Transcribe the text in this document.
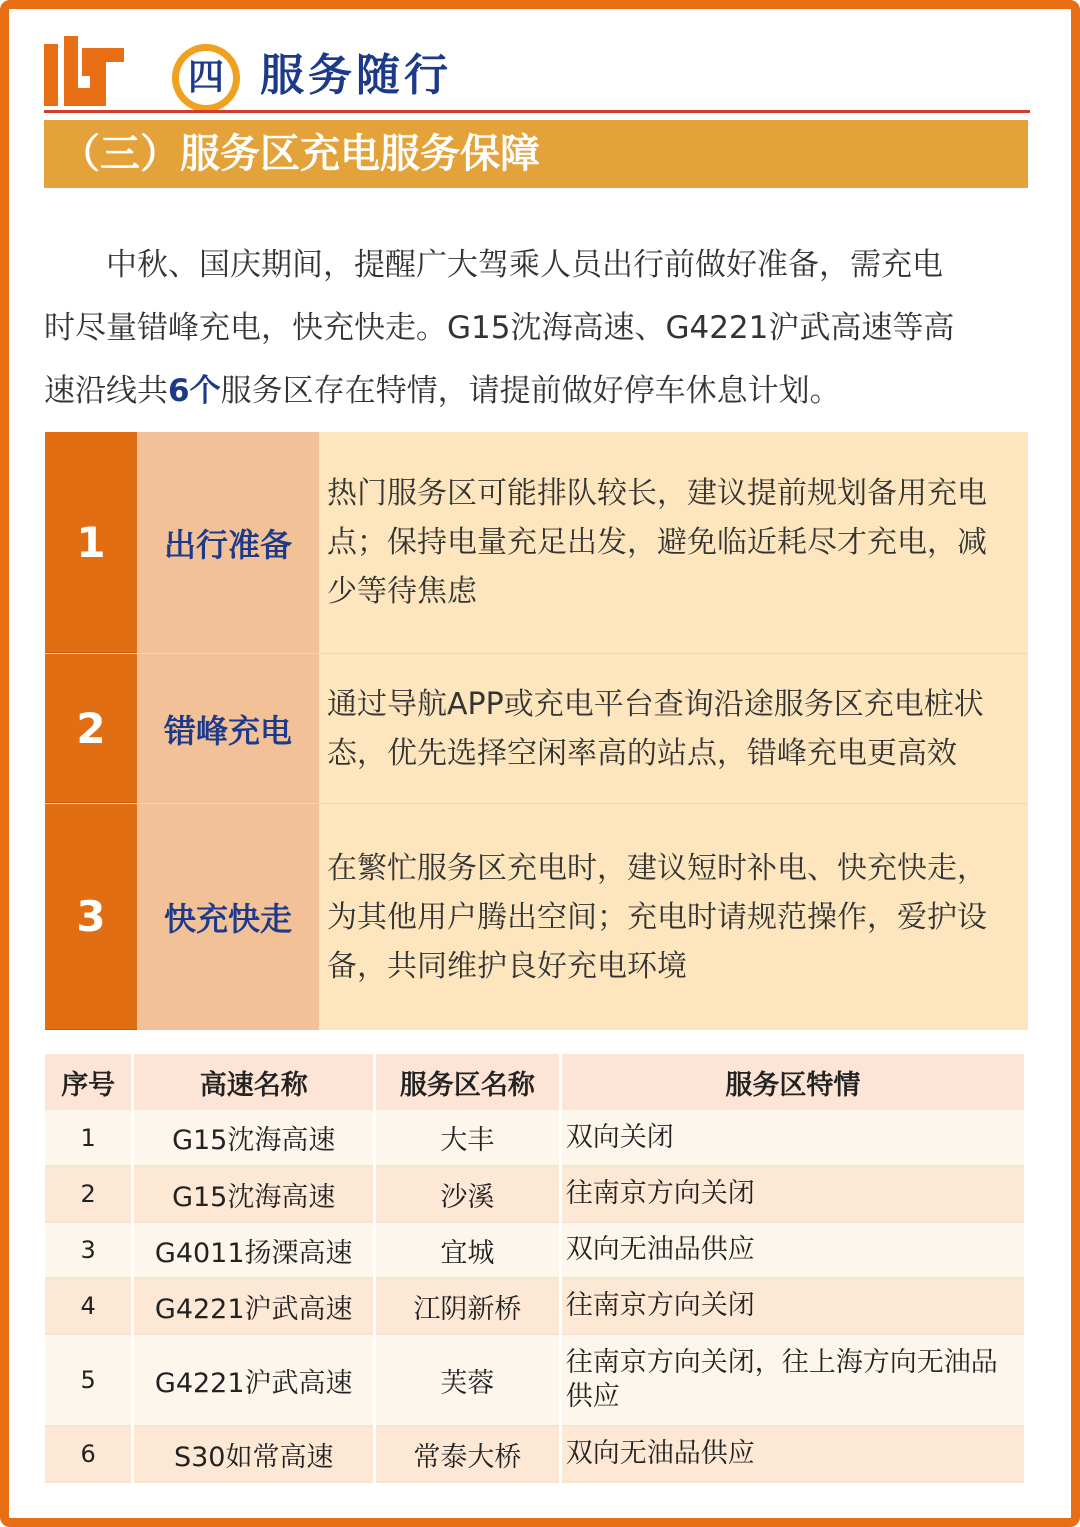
四 服务随行
（三）服务区充电服务保障
中秋、国庆期间，提醒广大驾乘人员出行前做好准备，需充电
时尽量错峰充电，快充快走。G15沈海高速、G4221沪武高速等高
速沿线共6个服务区存在特情，请提前做好停车休息计划。
1	出行准备
热门服务区可能排队较长，建议提前规划备用充电
点；保持电量充足出发，避免临近耗尽才充电，减
少等待焦虑
2	错峰充电
通过导航APP或充电平台查询沿途服务区充电桩状
态，优先选择空闲率高的站点，错峰充电更高效
3	快充快走
在繁忙服务区充电时，建议短时补电、快充快走，
为其他用户腾出空间；充电时请规范操作，爱护设
备，共同维护良好充电环境
序号	高速名称	服务区名称	服务区特情
1	G15沈海高速	大丰	双向关闭
2	G15沈海高速	沙溪	往南京方向关闭
3	G4011扬溧高速	宜城	双向无油品供应
4	G4221沪武高速	江阴新桥	往南京方向关闭
5	G4221沪武高速	芙蓉	往南京方向关闭，往上海方向无油品供应
6	S30如常高速	常泰大桥	双向无油品供应
